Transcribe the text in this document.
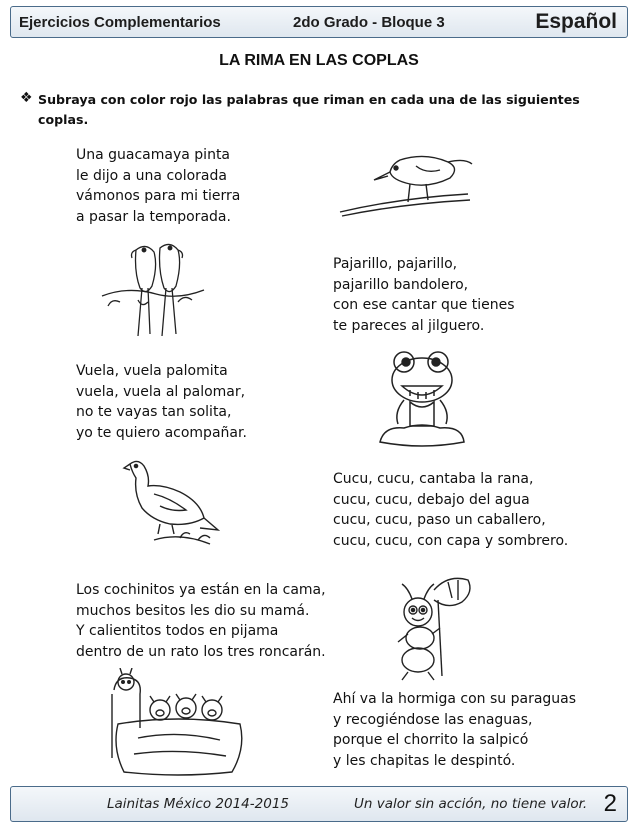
Ejercicios Complementarios	2do Grado - Bloque 3	Español
LA RIMA EN LAS COPLAS
❖ Subraya con color rojo las palabras que riman en cada una de las siguientes coplas.
Una guacamaya pinta
le dijo a una colorada
vámonos para mi tierra
a pasar la temporada.
Pajarillo, pajarillo,
pajarillo bandolero,
con ese cantar que tienes
te pareces al jilguero.
Vuela, vuela palomita
vuela, vuela al palomar,
no te vayas tan solita,
yo te quiero acompañar.
Cucu, cucu, cantaba la rana,
cucu, cucu, debajo del agua
cucu, cucu, paso un caballero,
cucu, cucu, con capa y sombrero.
Los cochinitos ya están en la cama,
muchos besitos les dio su mamá.
Y calientitos todos en pijama
dentro de un rato los tres roncarán.
Ahí va la hormiga con su paraguas
y recogiéndose las enaguas,
porque el chorrito la salpicó
y les chapitas le despintó.
Lainitas México 2014-2015	Un valor sin acción, no tiene valor. 2
